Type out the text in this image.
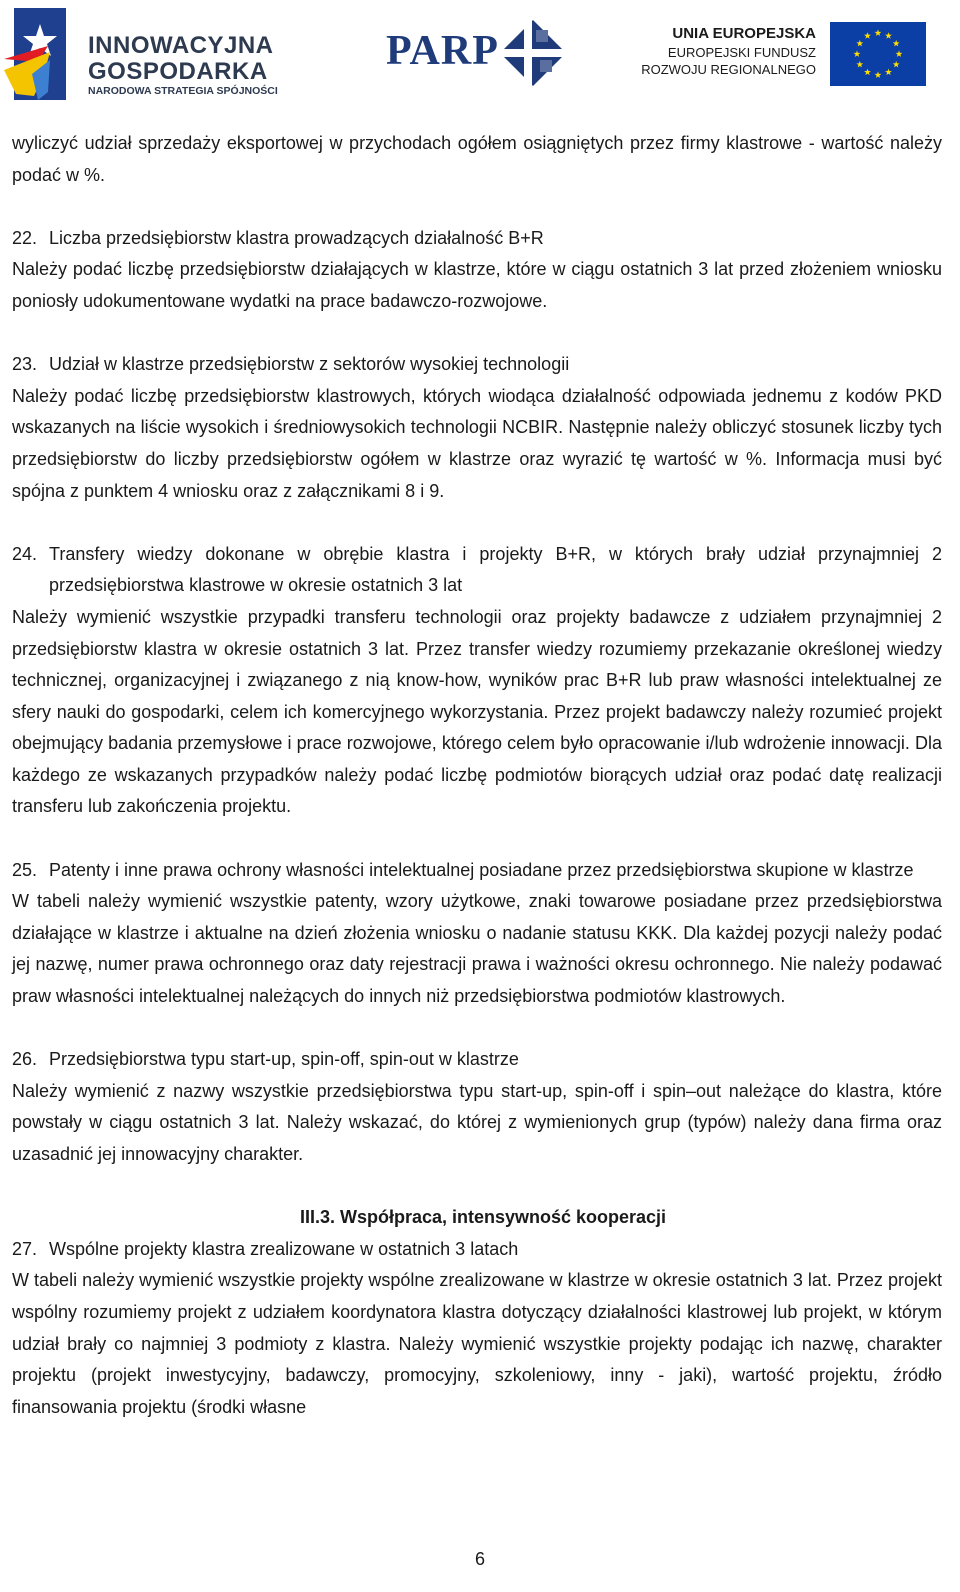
INNOWACYJNA
GOSPODARKA
NARODOWA STRATEGIA SPÓJNOŚCI
PARP	UNIA EUROPEJSKA
EUROPEJSKI FUNDUSZ
ROZWOJU REGIONALNEGO

wyliczyć udział sprzedaży eksportowej w przychodach ogółem osiągniętych przez firmy klastrowe - wartość należy podać w %.

22. Liczba przedsiębiorstw klastra prowadzących działalność B+R

Należy podać liczbę przedsiębiorstw działających w klastrze, które w ciągu ostatnich 3 lat przed złożeniem wniosku poniosły udokumentowane wydatki na prace badawczo-rozwojowe.

23. Udział w klastrze przedsiębiorstw z sektorów wysokiej technologii

Należy podać liczbę przedsiębiorstw klastrowych, których wiodąca działalność odpowiada jednemu z kodów PKD wskazanych na liście wysokich i średniowysokich technologii NCBIR. Następnie należy obliczyć stosunek liczby tych przedsiębiorstw do liczby przedsiębiorstw ogółem w klastrze oraz wyrazić tę wartość w %. Informacja musi być spójna z punktem 4 wniosku oraz z załącznikami 8 i 9.

24. Transfery wiedzy dokonane w obrębie klastra i projekty B+R, w których brały udział przynajmniej 2 przedsiębiorstwa klastrowe w okresie ostatnich 3 lat

Należy wymienić wszystkie przypadki transferu technologii oraz projekty badawcze z udziałem przynajmniej 2 przedsiębiorstw klastra w okresie ostatnich 3 lat. Przez transfer wiedzy rozumiemy przekazanie określonej wiedzy technicznej, organizacyjnej i związanego z nią know-how, wyników prac B+R lub praw własności intelektualnej ze sfery nauki do gospodarki, celem ich komercyjnego wykorzystania. Przez projekt badawczy należy rozumieć projekt obejmujący badania przemysłowe i prace rozwojowe, którego celem było opracowanie i/lub wdrożenie innowacji. Dla każdego ze wskazanych przypadków należy podać liczbę podmiotów biorących udział oraz podać datę realizacji transferu lub zakończenia projektu.

25. Patenty i inne prawa ochrony własności intelektualnej posiadane przez przedsiębiorstwa skupione w klastrze

W tabeli należy wymienić wszystkie patenty, wzory użytkowe, znaki towarowe posiadane przez przedsiębiorstwa działające w klastrze i aktualne na dzień złożenia wniosku o nadanie statusu KKK. Dla każdej pozycji należy podać jej nazwę, numer prawa ochronnego oraz daty rejestracji prawa i ważności okresu ochronnego. Nie należy podawać praw własności intelektualnej należących do innych niż przedsiębiorstwa podmiotów klastrowych.

26. Przedsiębiorstwa typu start-up, spin-off, spin-out w klastrze

Należy wymienić z nazwy wszystkie przedsiębiorstwa typu start-up, spin-off i spin–out należące do klastra, które powstały w ciągu ostatnich 3 lat. Należy wskazać, do której z wymienionych grup (typów) należy dana firma oraz uzasadnić jej innowacyjny charakter.

III.3. Współpraca, intensywność kooperacji
27. Wspólne projekty klastra zrealizowane w ostatnich 3 latach

W tabeli należy wymienić wszystkie projekty wspólne zrealizowane w klastrze w okresie ostatnich 3 lat. Przez projekt wspólny rozumiemy projekt z udziałem koordynatora klastra dotyczący działalności klastrowej lub projekt, w którym udział brały co najmniej 3 podmioty z klastra. Należy wymienić wszystkie projekty podając ich nazwę, charakter projektu (projekt inwestycyjny, badawczy, promocyjny, szkoleniowy, inny - jaki), wartość projektu, źródło finansowania projektu (środki własne

6
